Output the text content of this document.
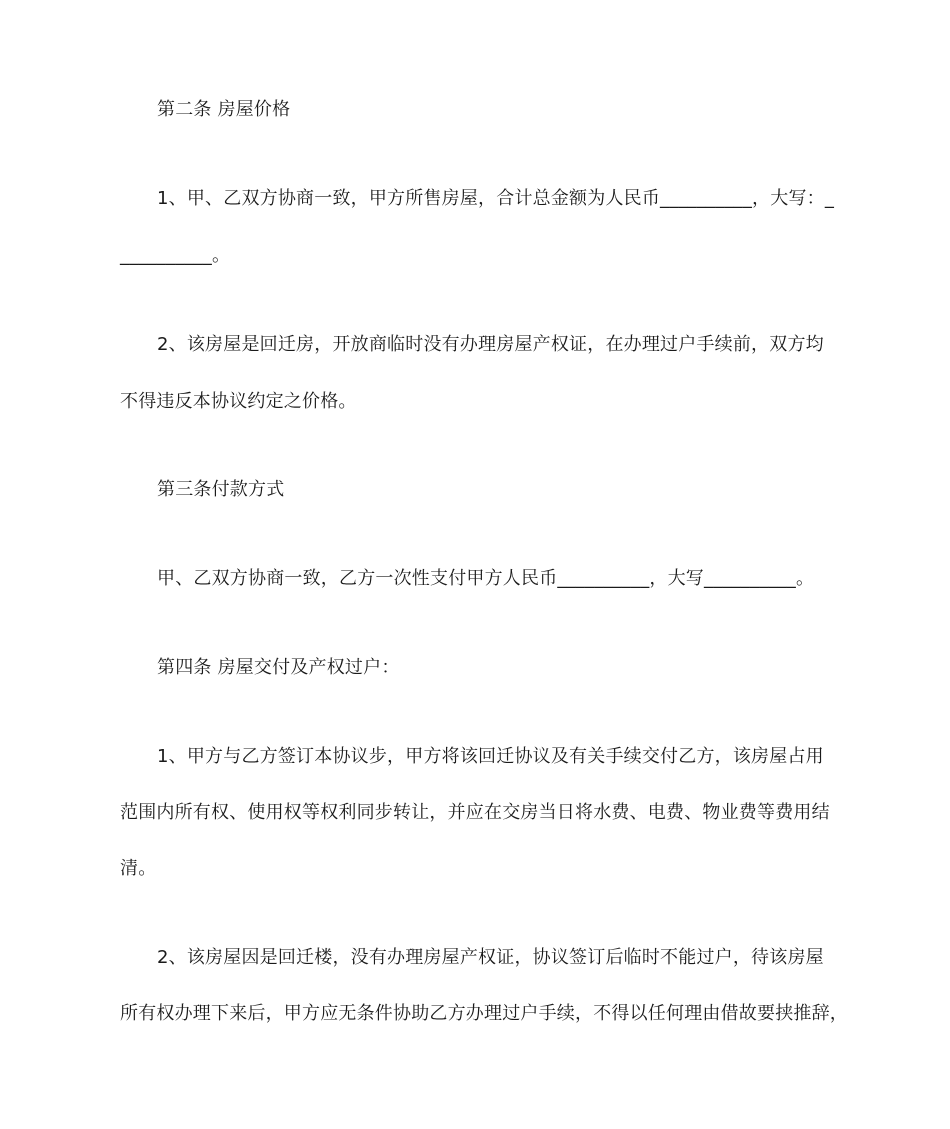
第二条 房屋价格
1、甲、乙双方协商一致，甲方所售房屋，合计总金额为人民币__________，大写：_
__________。
2、该房屋是回迁房，开放商临时没有办理房屋产权证，在办理过户手续前，双方均
不得违反本协议约定之价格。
第三条付款方式
甲、乙双方协商一致，乙方一次性支付甲方人民币__________，大写__________。
第四条 房屋交付及产权过户：
1、甲方与乙方签订本协议步，甲方将该回迁协议及有关手续交付乙方，该房屋占用
范围内所有权、使用权等权利同步转让，并应在交房当日将水费、电费、物业费等费用结
清。
2、该房屋因是回迁楼，没有办理房屋产权证，协议签订后临时不能过户，待该房屋
所有权办理下来后，甲方应无条件协助乙方办理过户手续，不得以任何理由借故要挟推辞，
